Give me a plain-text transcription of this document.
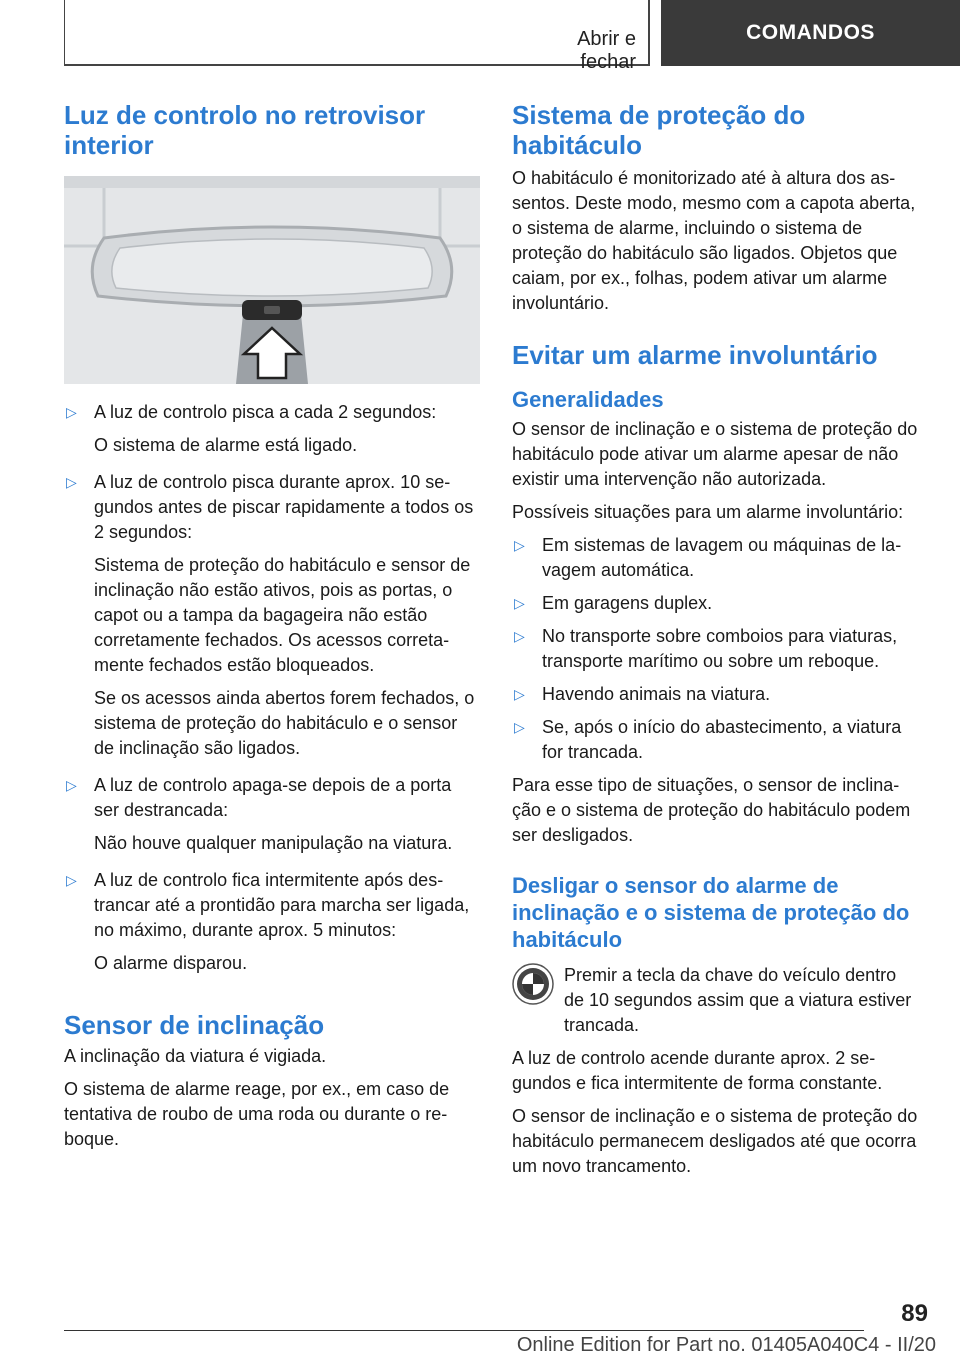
Abrir e fechar
COMANDOS
Luz de controlo no retrovisor interior
▷ A luz de controlo pisca a cada 2 segundos:
O sistema de alarme está ligado.
▷ A luz de controlo pisca durante aprox. 10 segundos antes de piscar rapidamente a todos os 2 segundos:
Sistema de proteção do habitáculo e sensor de inclinação não estão ativos, pois as portas, o capot ou a tampa da bagageira não estão corretamente fechados. Os acessos corretamente fechados estão bloqueados.
Se os acessos ainda abertos forem fechados, o sistema de proteção do habitáculo e o sensor de inclinação são ligados.
▷ A luz de controlo apaga-se depois de a porta ser destrancada:
Não houve qualquer manipulação na viatura.
▷ A luz de controlo fica intermitente após destrancar até a prontidão para marcha ser ligada, no máximo, durante aprox. 5 minutos:
O alarme disparou.
Sensor de inclinação

A inclinação da viatura é vigiada.

O sistema de alarme reage, por ex., em caso de tentativa de roubo de uma roda ou durante o reboque.

Sistema de proteção do habitáculo

O habitáculo é monitorizado até à altura dos assentos. Deste modo, mesmo com a capota aberta, o sistema de alarme, incluindo o sistema de proteção do habitáculo são ligados. Objetos que caiam, por ex., folhas, podem ativar um alarme involuntário.

Evitar um alarme involuntário
Generalidades

O sensor de inclinação e o sistema de proteção do habitáculo pode ativar um alarme apesar de não existir uma intervenção não autorizada.

Possíveis situações para um alarme involuntário:

▷ Em sistemas de lavagem ou máquinas de lavagem automática.
▷ Em garagens duplex.
▷ No transporte sobre comboios para viaturas, transporte marítimo ou sobre um reboque.
▷ Havendo animais na viatura.
▷ Se, após o início do abastecimento, a viatura for trancada.

Para esse tipo de situações, o sensor de inclinação e o sistema de proteção do habitáculo podem ser desligados.

Desligar o sensor do alarme de inclinação e o sistema de proteção do habitáculo

Premir a tecla da chave do veículo dentro de 10 segundos assim que a viatura estiver trancada.

A luz de controlo acende durante aprox. 2 segundos e fica intermitente de forma constante.

O sensor de inclinação e o sistema de proteção do habitáculo permanecem desligados até que ocorra um novo trancamento.

89
Online Edition for Part no. 01405A040C4 - II/20
